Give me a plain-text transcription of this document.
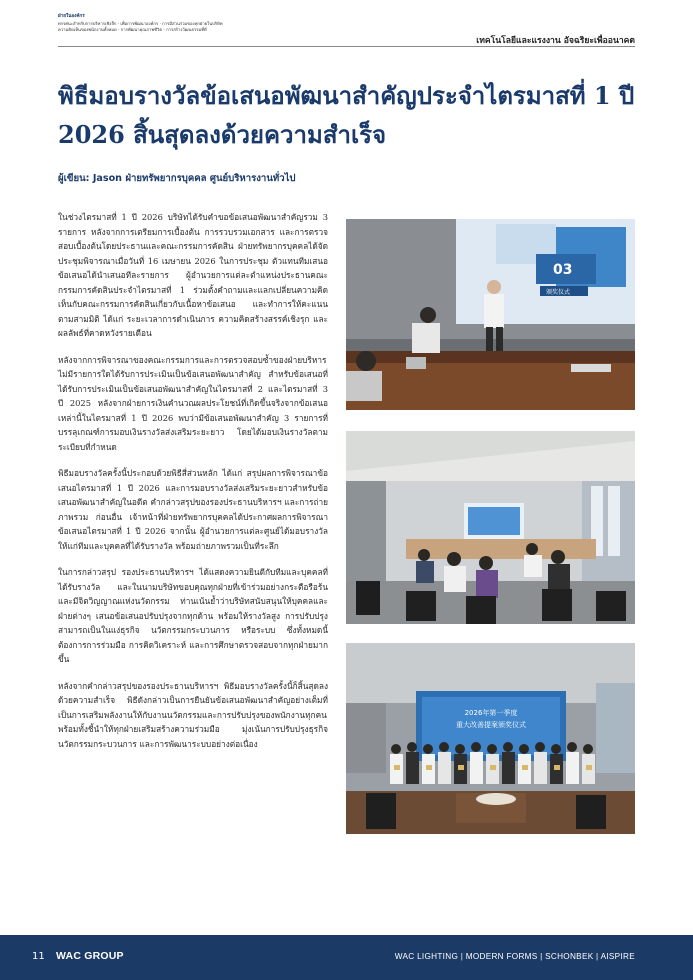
ฝ่ายในองค์กร
ทรรศนะสำหรับการบริหารเชิงลึก · เพื่อการพัฒนาองค์กร · การมีส่วนร่วมของทุกฝ่ายในบริษัท
ความคิดเห็นของพนักงานทั้งหมด · การพัฒนาคุณภาพชีวิต · การสร้างวัฒนธรรมที่ดี
เทคโนโลยีและแรงงาน อัจฉริยะเพื่ออนาคต
พิธีมอบรางวัลข้อเสนอพัฒนาสำคัญประจำไตรมาสที่ 1 ปี 2026 สิ้นสุดลงด้วยความสำเร็จ
ผู้เขียน: Jason ฝ่ายทรัพยากรบุคคล ศูนย์บริหารงานทั่วไป

ในช่วงไตรมาสที่ 1 ปี 2026 บริษัทได้รับคำขอข้อเสนอพัฒนาสำคัญรวม 3 รายการ หลังจากการเตรียมการเบื้องต้น การรวบรวมเอกสาร และการตรวจสอบเบื้องต้นโดยประธานและคณะกรรมการคัดสิน ฝ่ายทรัพยากรบุคคลได้จัดประชุมพิจารณาเมื่อวันที่ 16 เมษายน 2026 ในการประชุม ตัวแทนทีมเสนอข้อเสนอได้นำเสนอทีละรายการ ผู้อำนวยการแต่ละตำแหน่งประธานคณะกรรมการคัดสินประจำไตรมาสที่ 1 ร่วมตั้งคำถามและแลกเปลี่ยนความคิดเห็นกับคณะกรรมการคัดสินเกี่ยวกับเนื้อหาข้อเสนอ และทำการให้คะแนนตามสามมิติ ได้แก่ ระยะเวลาการดำเนินการ ความคิดสร้างสรรค์เชิงรุก และผลลัพธ์ที่คาดหวังรายเดือน

หลังจากการพิจารณาของคณะกรรมการและการตรวจสอบซ้ำของฝ่ายบริหาร ไม่มีรายการใดได้รับการประเมินเป็นข้อเสนอพัฒนาสำคัญ สำหรับข้อเสนอที่ได้รับการประเมินเป็นข้อเสนอพัฒนาสำคัญในไตรมาสที่ 2 และไตรมาสที่ 3 ปี 2025 หลังจากฝ่ายการเงินคำนวณผลประโยชน์ที่เกิดขึ้นจริงจากข้อเสนอเหล่านี้ในไตรมาสที่ 1 ปี 2026 พบว่ามีข้อเสนอพัฒนาสำคัญ 3 รายการที่บรรลุเกณฑ์การมอบเงินรางวัลส่งเสริมระยะยาว โดยได้มอบเงินรางวัลตามระเบียบที่กำหนด

พิธีมอบรางวัลครั้งนี้ประกอบด้วยพิธีสี่ส่วนหลัก ได้แก่ สรุปผลการพิจารณาข้อเสนอไตรมาสที่ 1 ปี 2026 และการมอบรางวัลส่งเสริมระยะยาวสำหรับข้อเสนอพัฒนาสำคัญในอดีต คำกล่าวสรุปของรองประธานบริหารฯ และการถ่ายภาพรวม ก่อนอื่น เจ้าหน้าที่ฝ่ายทรัพยากรบุคคลได้ประกาศผลการพิจารณาข้อเสนอไตรมาสที่ 1 ปี 2026 จากนั้น ผู้อำนวยการแต่ละศูนย์ได้มอบรางวัลให้แก่ทีมและบุคคลที่ได้รับรางวัล พร้อมถ่ายภาพรวมเป็นที่ระลึก

ในการกล่าวสรุป รองประธานบริหารฯ ได้แสดงความยินดีกับทีมและบุคคลที่ได้รับรางวัล และในนามบริษัทขอบคุณทุกฝ่ายที่เข้าร่วมอย่างกระตือรือร้น และมีจิตวิญญาณแห่งนวัตกรรม ท่านเน้นย้ำว่าบริษัทสนับสนุนให้บุคคลและฝ่ายต่างๆ เสนอข้อเสนอปรับปรุงจากทุกด้าน พร้อมให้รางวัลสูง การปรับปรุงสามารถเป็นในแง่ธุรกิจ นวัตกรรมกระบวนการ หรือระบบ ซึ่งทั้งหมดนี้ต้องการการร่วมมือ การคิดวิเคราะห์ และการศึกษาตรวจสอบจากทุกฝ่ายมากขึ้น

หลังจากคำกล่าวสรุปของรองประธานบริหารฯ พิธีมอบรางวัลครั้งนี้ก็สิ้นสุดลงด้วยความสำเร็จ พิธีดังกล่าวเป็นการยืนยันข้อเสนอพัฒนาสำคัญอย่างเต็มที่ เป็นการเสริมพลังงานให้กับงานนวัตกรรมและการปรับปรุงของพนักงานทุกคน พร้อมทั้งชี้นำให้ทุกฝ่ายเสริมสร้างความร่วมมือ มุ่งเน้นการปรับปรุงธุรกิจ นวัตกรรมกระบวนการ และการพัฒนาระบบอย่างต่อเนื่อง

03
颁奖仪式
2026年第一季度
重大改善提案颁奖仪式
11 WAC GROUP	WAC LIGHTING | MODERN FORMS | SCHONBEK | AISPIRE
